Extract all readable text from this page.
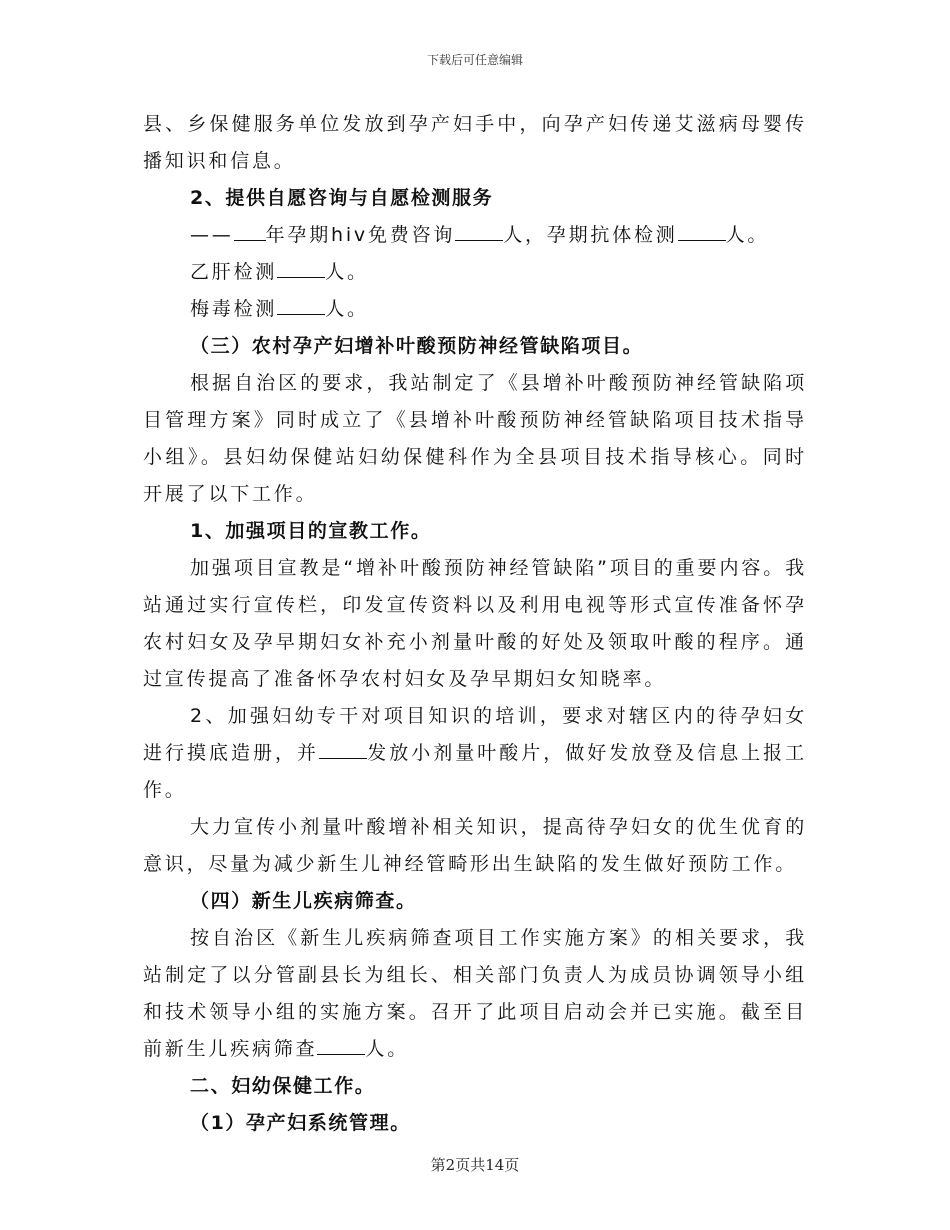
下载后可任意编辑

县、乡保健服务单位发放到孕产妇手中，向孕产妇传递艾滋病母婴传播知识和信息。

2、提供自愿咨询与自愿检测服务

—— 年孕期hiv免费咨询	人，孕期抗体检测	人。

乙肝检测	人。

梅毒检测	人。

（三）农村孕产妇增补叶酸预防神经管缺陷项目。

根据自治区的要求，我站制定了《县增补叶酸预防神经管缺陷项目管理方案》同时成立了《县增补叶酸预防神经管缺陷项目技术指导小组》。县妇幼保健站妇幼保健科作为全县项目技术指导核心。同时开展了以下工作。

1、加强项目的宣教工作。

加强项目宣教是“增补叶酸预防神经管缺陷”项目的重要内容。我站通过实行宣传栏，印发宣传资料以及利用电视等形式宣传准备怀孕农村妇女及孕早期妇女补充小剂量叶酸的好处及领取叶酸的程序。通过宣传提高了准备怀孕农村妇女及孕早期妇女知晓率。

2、加强妇幼专干对项目知识的培训，要求对辖区内的待孕妇女进行摸底造册，并	发放小剂量叶酸片，做好发放登及信息上报工作。

大力宣传小剂量叶酸增补相关知识，提高待孕妇女的优生优育的意识，尽量为减少新生儿神经管畸形出生缺陷的发生做好预防工作。

（四）新生儿疾病筛查。

按自治区《新生儿疾病筛查项目工作实施方案》的相关要求，我站制定了以分管副县长为组长、相关部门负责人为成员协调领导小组和技术领导小组的实施方案。召开了此项目启动会并已实施。截至目前新生儿疾病筛查	人。

二、妇幼保健工作。

（1）孕产妇系统管理。

第2页共14页
